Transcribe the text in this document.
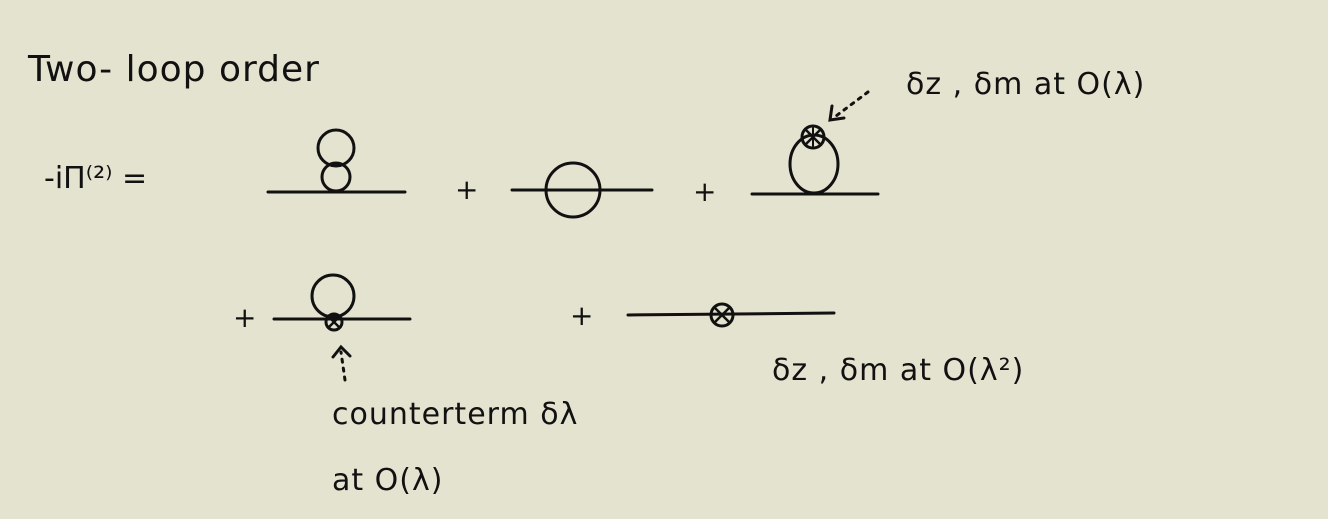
Two- loop order
-iΠ⁽²⁾ =	+	+
+	+
δz , δm at O(λ)
δz , δm at O(λ²)
counterterm δλ
at O(λ)
